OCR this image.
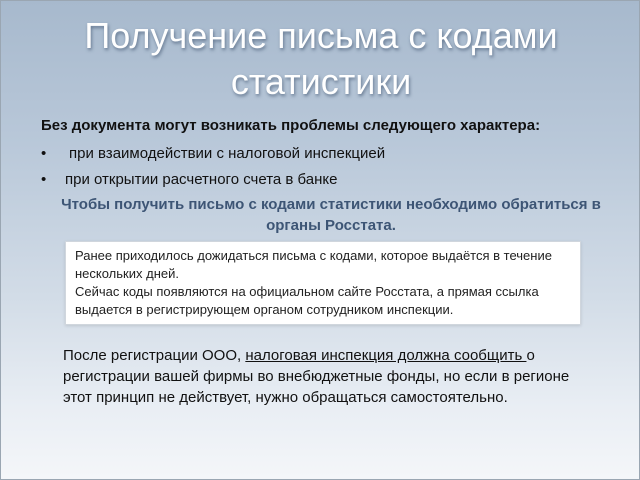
Получение письма с кодами
статистики
Без документа могут возникать проблемы следующего характера:
• при взаимодействии с налоговой инспекцией
• при открытии расчетного счета в банке
Чтобы получить письмо с кодами статистики необходимо обратиться в органы Росстата.

Ранее приходилось дожидаться письма с кодами, которое выдаётся в течение нескольких дней.

Сейчас коды появляются на официальном сайте Росстата, а прямая ссылка выдается в регистрирующем органом сотрудником инспекции.

После регистрации ООО, налоговая инспекция должна сообщить о регистрации вашей фирмы во внебюджетные фонды, но если в регионе этот принцип не действует, нужно обращаться самостоятельно.
